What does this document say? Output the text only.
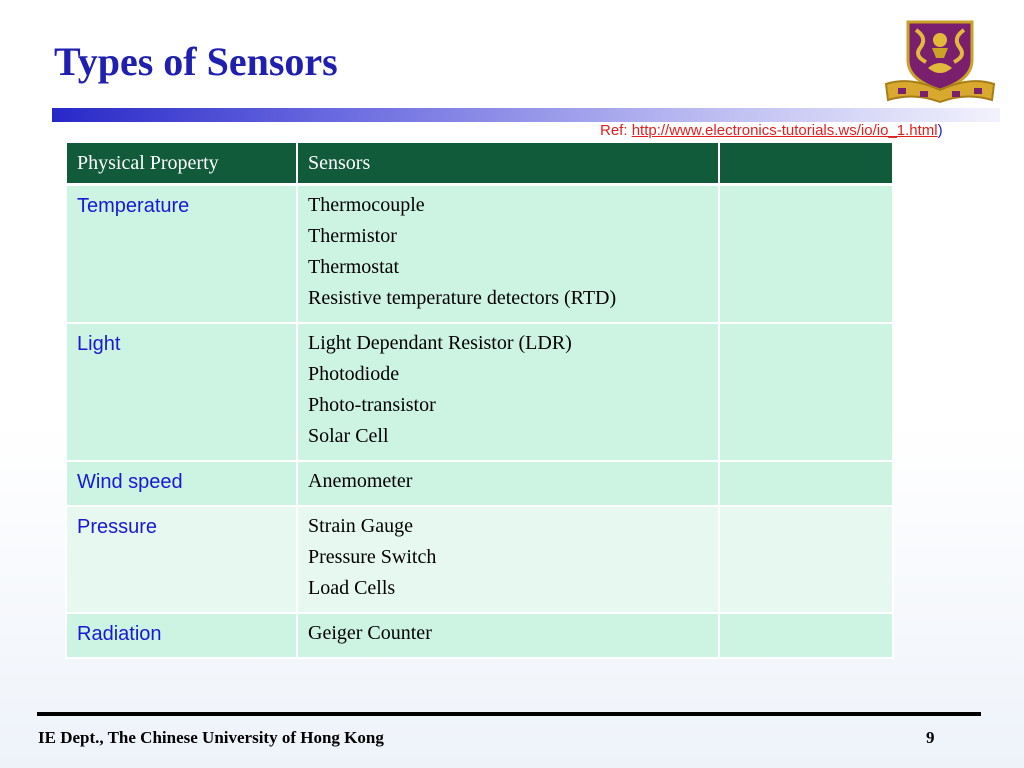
Types of Sensors
Ref: http://www.electronics-tutorials.ws/io/io_1.html)
Physical Property	Sensors	
Temperature	Thermocouple
Thermistor
Thermostat
Resistive temperature detectors (RTD)	

Light	Light Dependant Resistor (LDR)
Photodiode
Photo-transistor
Solar Cell	

Wind speed	Anemometer	

Pressure	Strain Gauge
Pressure Switch
Load Cells	

Radiation	Geiger Counter	

IE Dept., The Chinese University of Hong Kong	9
